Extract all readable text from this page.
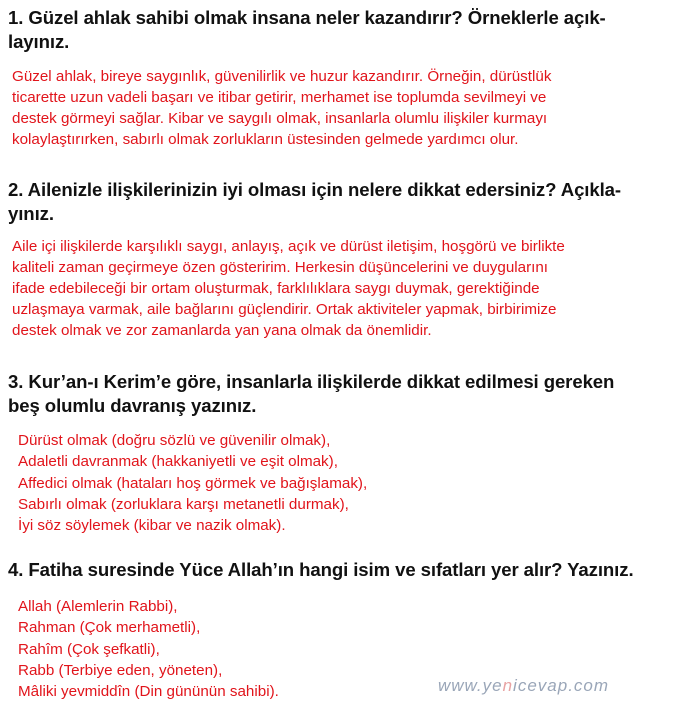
1. Güzel ahlak sahibi olmak insana neler kazandırır? Örneklerle açık-
layınız.
Güzel ahlak, bireye saygınlık, güvenilirlik ve huzur kazandırır. Örneğin, dürüstlük
ticarette uzun vadeli başarı ve itibar getirir, merhamet ise toplumda sevilmeyi ve
destek görmeyi sağlar. Kibar ve saygılı olmak, insanlarla olumlu ilişkiler kurmayı
kolaylaştırırken, sabırlı olmak zorlukların üstesinden gelmede yardımcı olur.
2. Ailenizle ilişkilerinizin iyi olması için nelere dikkat edersiniz? Açıkla-
yınız.
Aile içi ilişkilerde karşılıklı saygı, anlayış, açık ve dürüst iletişim, hoşgörü ve birlikte
kaliteli zaman geçirmeye özen gösteririm. Herkesin düşüncelerini ve duygularını
ifade edebileceği bir ortam oluşturmak, farklılıklara saygı duymak, gerektiğinde
uzlaşmaya varmak, aile bağlarını güçlendirir. Ortak aktiviteler yapmak, birbirimize
destek olmak ve zor zamanlarda yan yana olmak da önemlidir.
3. Kur’an-ı Kerim’e göre, insanlarla ilişkilerde dikkat edilmesi gereken
beş olumlu davranış yazınız.
Dürüst olmak (doğru sözlü ve güvenilir olmak),
Adaletli davranmak (hakkaniyetli ve eşit olmak),
Affedici olmak (hataları hoş görmek ve bağışlamak),
Sabırlı olmak (zorluklara karşı metanetli durmak),
İyi söz söylemek (kibar ve nazik olmak).
4. Fatiha suresinde Yüce Allah’ın hangi isim ve sıfatları yer alır? Yazınız.
Allah (Alemlerin Rabbi),
Rahman (Çok merhametli),
Rahîm (Çok şefkatli),
Rabb (Terbiye eden, yöneten),
Mâliki yevmiddîn (Din gününün sahibi).	www.yenicevap.com
